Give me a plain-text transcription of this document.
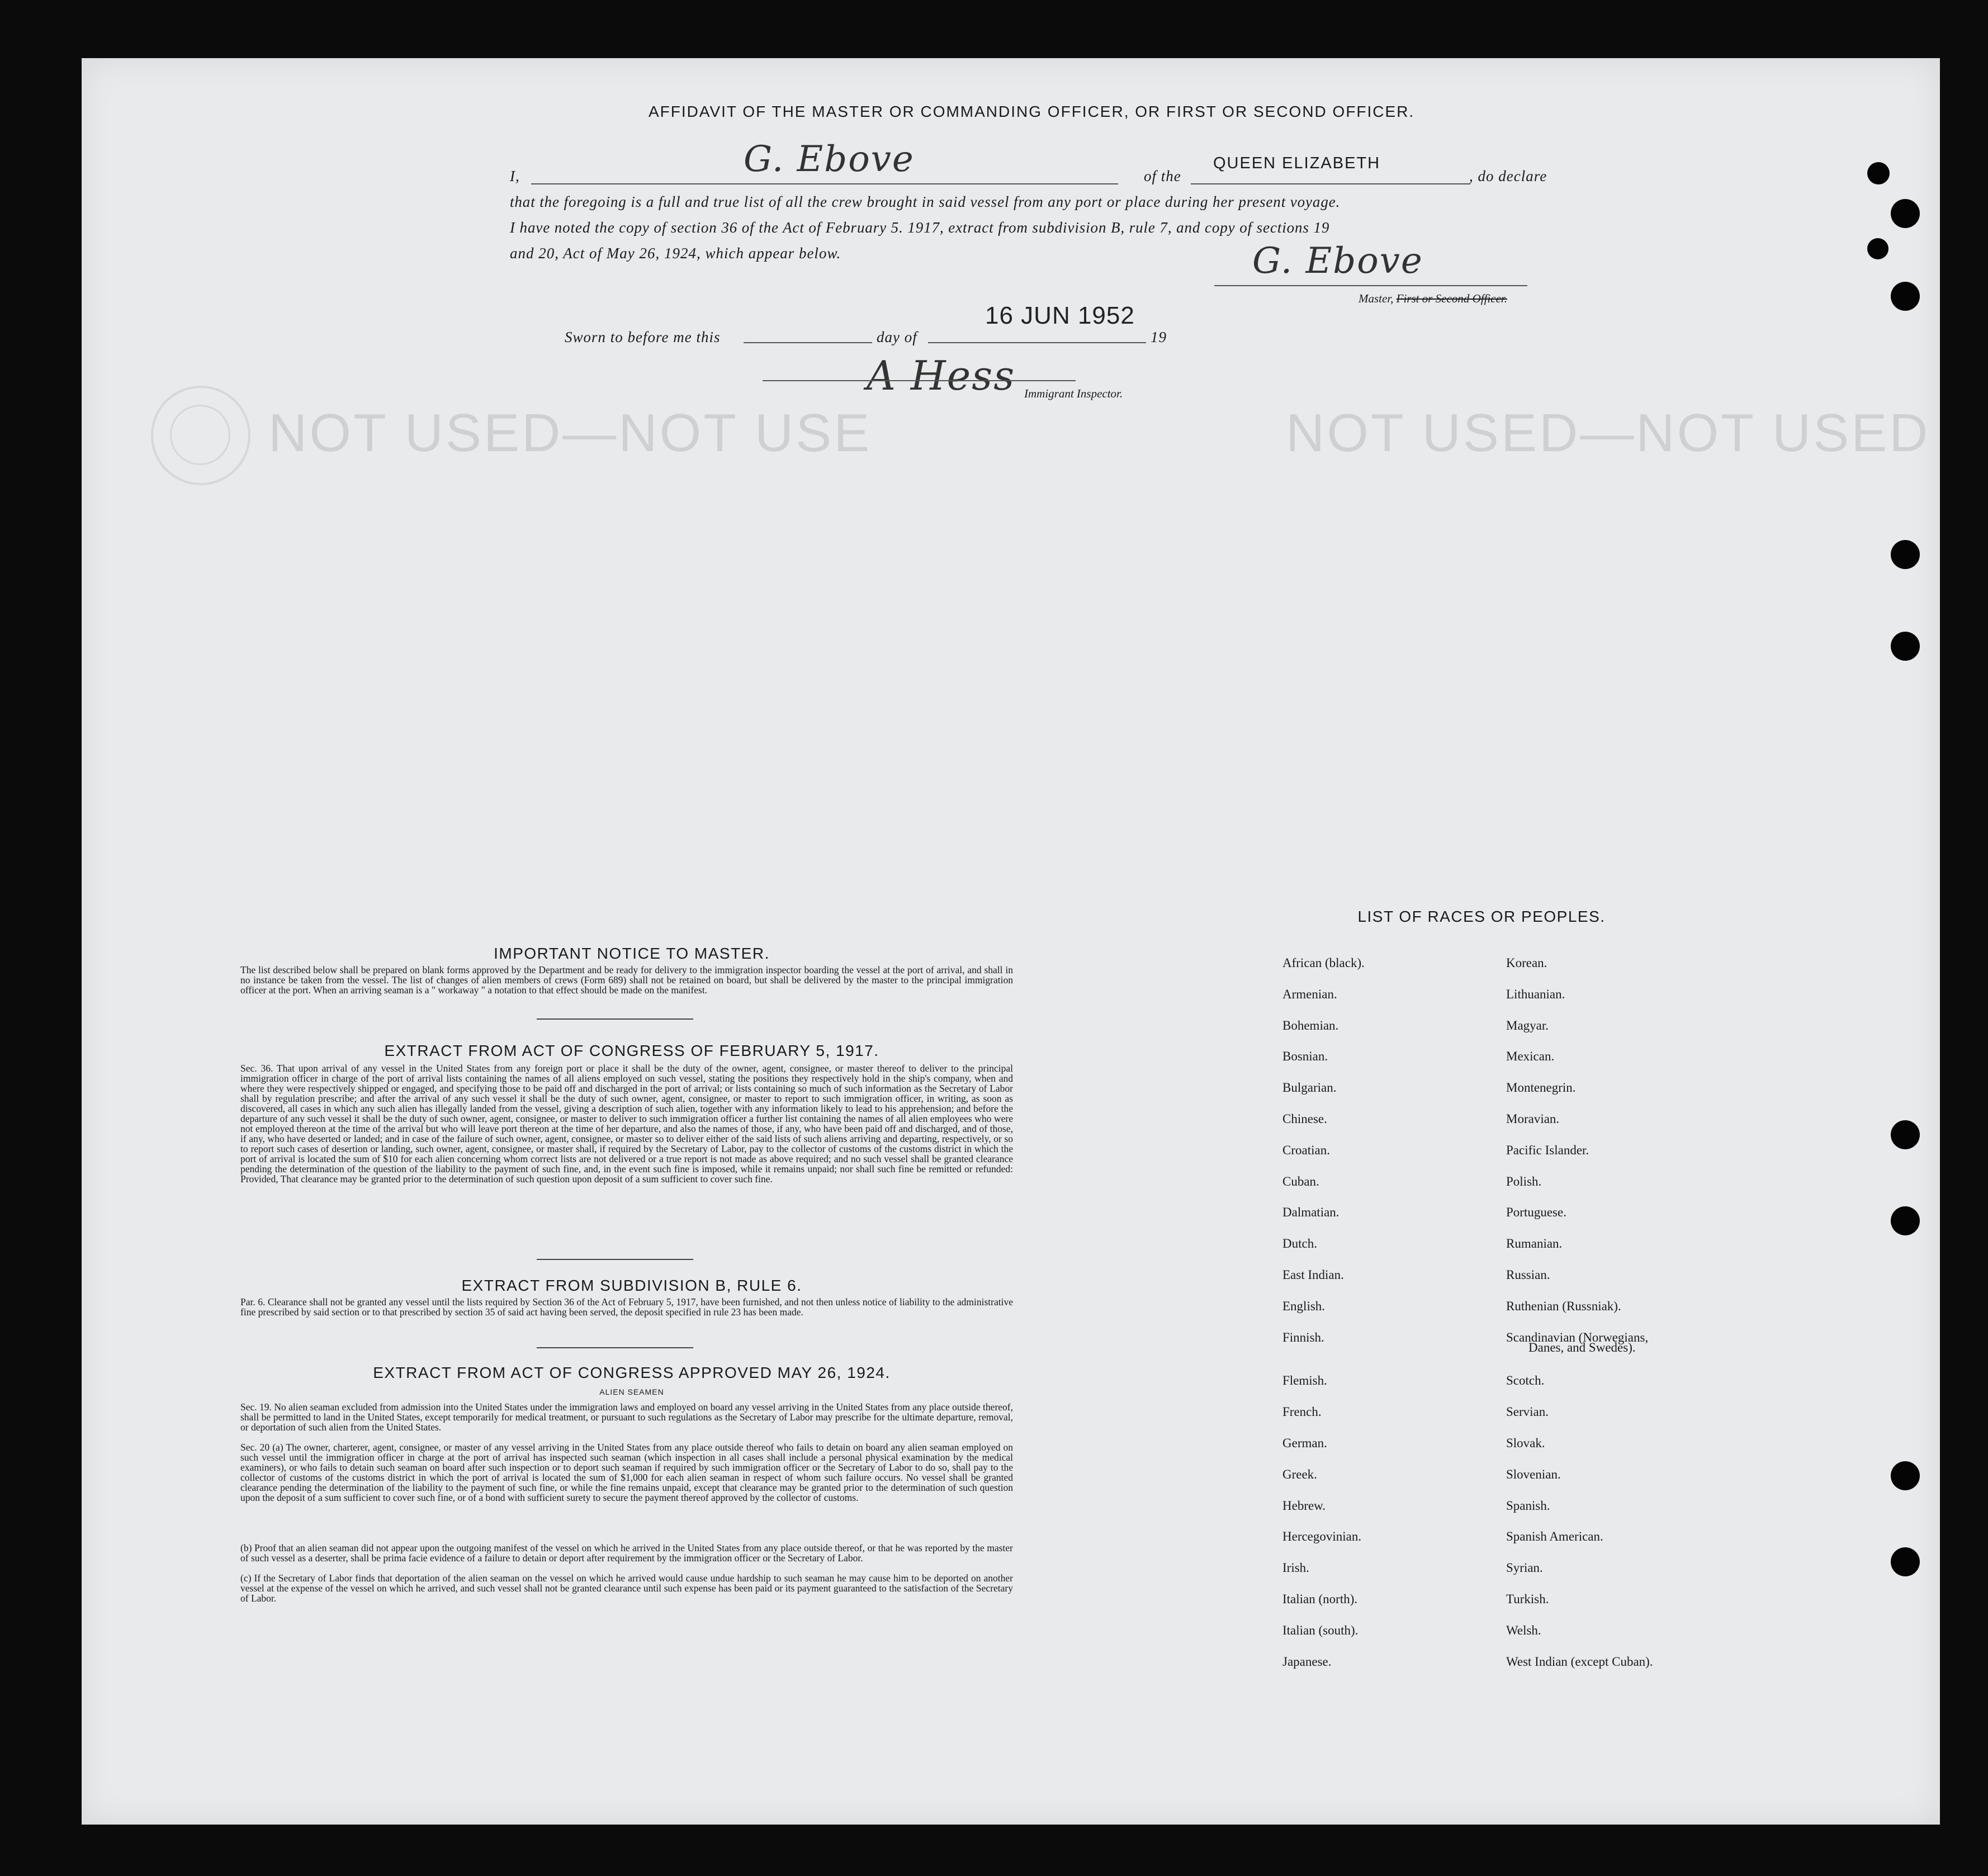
NOT USED—NOT USE	NOT USED—NOT USED
AFFIDAVIT OF THE MASTER OR COMMANDING OFFICER, OR FIRST OR SECOND OFFICER.
I,	G. Ebove	of the
QUEEN ELIZABETH
, do declare
that the foregoing is a full and true list of all the crew brought in said vessel from any port or place during her present voyage.
I have noted the copy of section 36 of the Act of February 5. 1917, extract from subdivision B, rule 7, and copy of sections 19
and 20, Act of May 26, 1924, which appear below.	G. Ebove
Master, First or Second Officer.
Sworn to before me this	day of
16 JUN 1952
19
A Hess Immigrant Inspector.
IMPORTANT NOTICE TO MASTER.
The list described below shall be prepared on blank forms approved by the Department and be ready for delivery to the immigration inspector boarding the vessel at the port of arrival, and shall in no instance be taken from the vessel. The list of changes of alien members of crews (Form 689) shall not be retained on board, but shall be delivered by the master to the principal immigration officer at the port. When an arriving seaman is a " workaway " a notation to that effect should be made on the manifest.
EXTRACT FROM ACT OF CONGRESS OF FEBRUARY 5, 1917.
Sec. 36. That upon arrival of any vessel in the United States from any foreign port or place it shall be the duty of the owner, agent, consignee, or master thereof to deliver to the principal immigration officer in charge of the port of arrival lists containing the names of all aliens employed on such vessel, stating the positions they respectively hold in the ship's company, when and where they were respectively shipped or engaged, and specifying those to be paid off and discharged in the port of arrival; or lists containing so much of such information as the Secretary of Labor shall by regulation prescribe; and after the arrival of any such vessel it shall be the duty of such owner, agent, consignee, or master to report to such immigration officer, in writing, as soon as discovered, all cases in which any such alien has illegally landed from the vessel, giving a description of such alien, together with any information likely to lead to his apprehension; and before the departure of any such vessel it shall be the duty of such owner, agent, consignee, or master to deliver to such immigration officer a further list containing the names of all alien employees who were not employed thereon at the time of the arrival but who will leave port thereon at the time of her departure, and also the names of those, if any, who have been paid off and discharged, and of those, if any, who have deserted or landed; and in case of the failure of such owner, agent, consignee, or master so to deliver either of the said lists of such aliens arriving and departing, respectively, or so to report such cases of desertion or landing, such owner, agent, consignee, or master shall, if required by the Secretary of Labor, pay to the collector of customs of the customs district in which the port of arrival is located the sum of $10 for each alien concerning whom correct lists are not delivered or a true report is not made as above required; and no such vessel shall be granted clearance pending the determination of the question of the liability to the payment of such fine, and, in the event such fine is imposed, while it remains unpaid; nor shall such fine be remitted or refunded: Provided, That clearance may be granted prior to the determination of such question upon deposit of a sum sufficient to cover such fine.
EXTRACT FROM SUBDIVISION B, RULE 6.
Par. 6. Clearance shall not be granted any vessel until the lists required by Section 36 of the Act of February 5, 1917, have been furnished, and not then unless notice of liability to the administrative fine prescribed by said section or to that prescribed by section 35 of said act having been served, the deposit specified in rule 23 has been made.
EXTRACT FROM ACT OF CONGRESS APPROVED MAY 26, 1924.
ALIEN SEAMEN
Sec. 19. No alien seaman excluded from admission into the United States under the immigration laws and employed on board any vessel arriving in the United States from any place outside thereof, shall be permitted to land in the United States, except temporarily for medical treatment, or pursuant to such regulations as the Secretary of Labor may prescribe for the ultimate departure, removal, or deportation of such alien from the United States.
Sec. 20 (a) The owner, charterer, agent, consignee, or master of any vessel arriving in the United States from any place outside thereof who fails to detain on board any alien seaman employed on such vessel until the immigration officer in charge at the port of arrival has inspected such seaman (which inspection in all cases shall include a personal physical examination by the medical examiners), or who fails to detain such seaman on board after such inspection or to deport such seaman if required by such immigration officer or the Secretary of Labor to do so, shall pay to the collector of customs of the customs district in which the port of arrival is located the sum of $1,000 for each alien seaman in respect of whom such failure occurs. No vessel shall be granted clearance pending the determination of the liability to the payment of such fine, or while the fine remains unpaid, except that clearance may be granted prior to the determination of such question upon the deposit of a sum sufficient to cover such fine, or of a bond with sufficient surety to secure the payment thereof approved by the collector of customs.
(b) Proof that an alien seaman did not appear upon the outgoing manifest of the vessel on which he arrived in the United States from any place outside thereof, or that he was reported by the master of such vessel as a deserter, shall be prima facie evidence of a failure to detain or deport after requirement by the immigration officer or the Secretary of Labor.
(c) If the Secretary of Labor finds that deportation of the alien seaman on the vessel on which he arrived would cause undue hardship to such seaman he may cause him to be deported on another vessel at the expense of the vessel on which he arrived, and such vessel shall not be granted clearance until such expense has been paid or its payment guaranteed to the satisfaction of the Secretary of Labor.
LIST OF RACES OR PEOPLES.
African (black).
Armenian.
Bohemian.
Bosnian.
Bulgarian.
Chinese.
Croatian.
Cuban.
Dalmatian.
Dutch.
East Indian.
English.
Finnish.
Flemish.
French.
German.
Greek.
Hebrew.
Hercegovinian.
Irish.
Italian (north).
Italian (south).
Japanese.
Korean.
Lithuanian.
Magyar.
Mexican.
Montenegrin.
Moravian.
Pacific Islander.
Polish.
Portuguese.
Rumanian.
Russian.
Ruthenian (Russniak).
Scandinavian (Norwegians,
Scotch.
Servian.
Slovak.
Slovenian.
Spanish.
Spanish American.
Syrian.
Turkish.
Welsh.
West Indian (except Cuban).
Danes, and Swedes).
